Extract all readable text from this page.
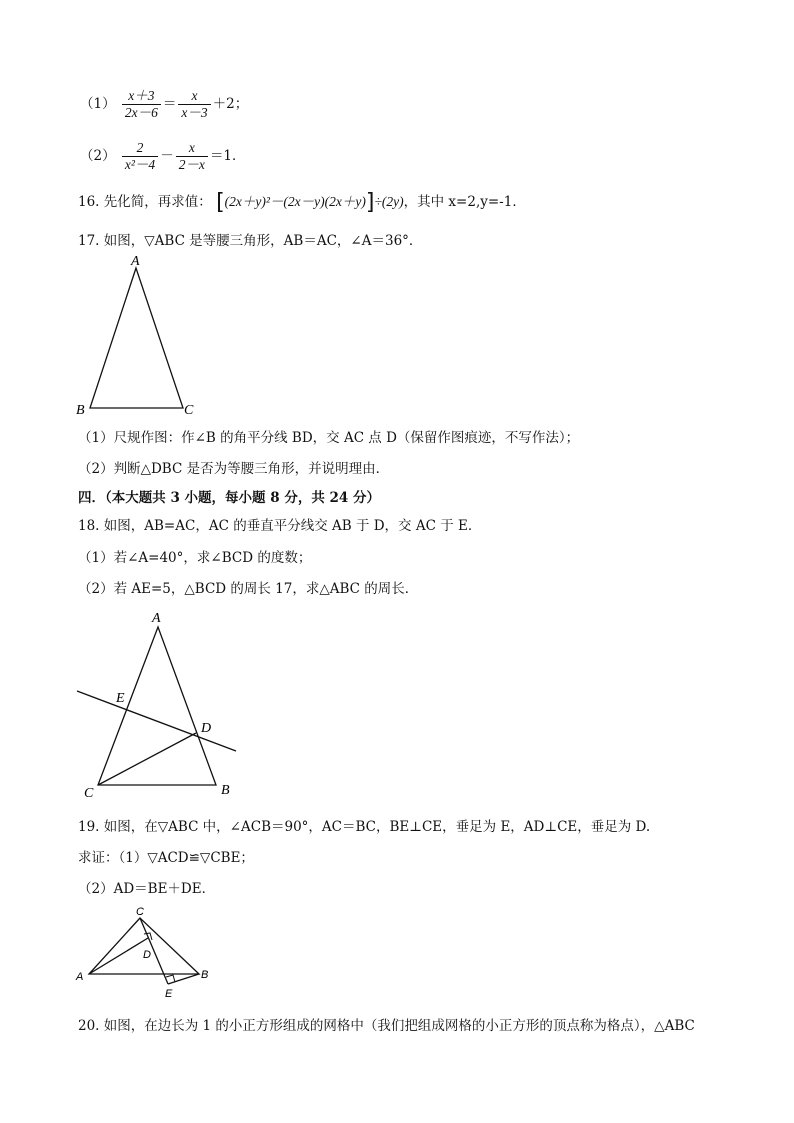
$(1) \frac{x+3}{2x-6} = \frac{x}{x-3} +2$；
$(2) \frac{2}{\text{x²－4}} - \frac{x}{2-x} =1$．
16. 先化简，再求值： [(2x＋y)²－(2x－y)(2x＋y)]÷(2y)，其中 x=2,y=-1．
17. 如图，▽ABC 是等腰三角形，AB＝AC，∠A＝36°．
A
B	C
（1）尺规作图：作∠B 的角平分线 BD，交 AC 点 D（保留作图痕迹，不写作法）；
（2）判断△DBC 是否为等腰三角形，并说明理由．
四．（本大题共 3 小题，每小题 8 分，共 24 分）
18. 如图，AB=AC，AC 的垂直平分线交 AB 于 D，交 AC 于 E．
（1）若∠A=40°，求∠BCD 的度数；
（2）若 AE=5，△BCD 的周长 17，求△ABC 的周长．
A
E
D
C	B
19. 如图，在▽ABC 中，∠ACB＝90°，AC＝BC，BE⊥CE，垂足为 E，AD⊥CE，垂足为 D.
求证：（1）▽ACD≌▽CBE；
（2）AD＝BE＋DE．
C
D
A	B
E
20. 如图，在边长为 1 的小正方形组成的网格中（我们把组成网格的小正方形的顶点称为格点），△ABC
